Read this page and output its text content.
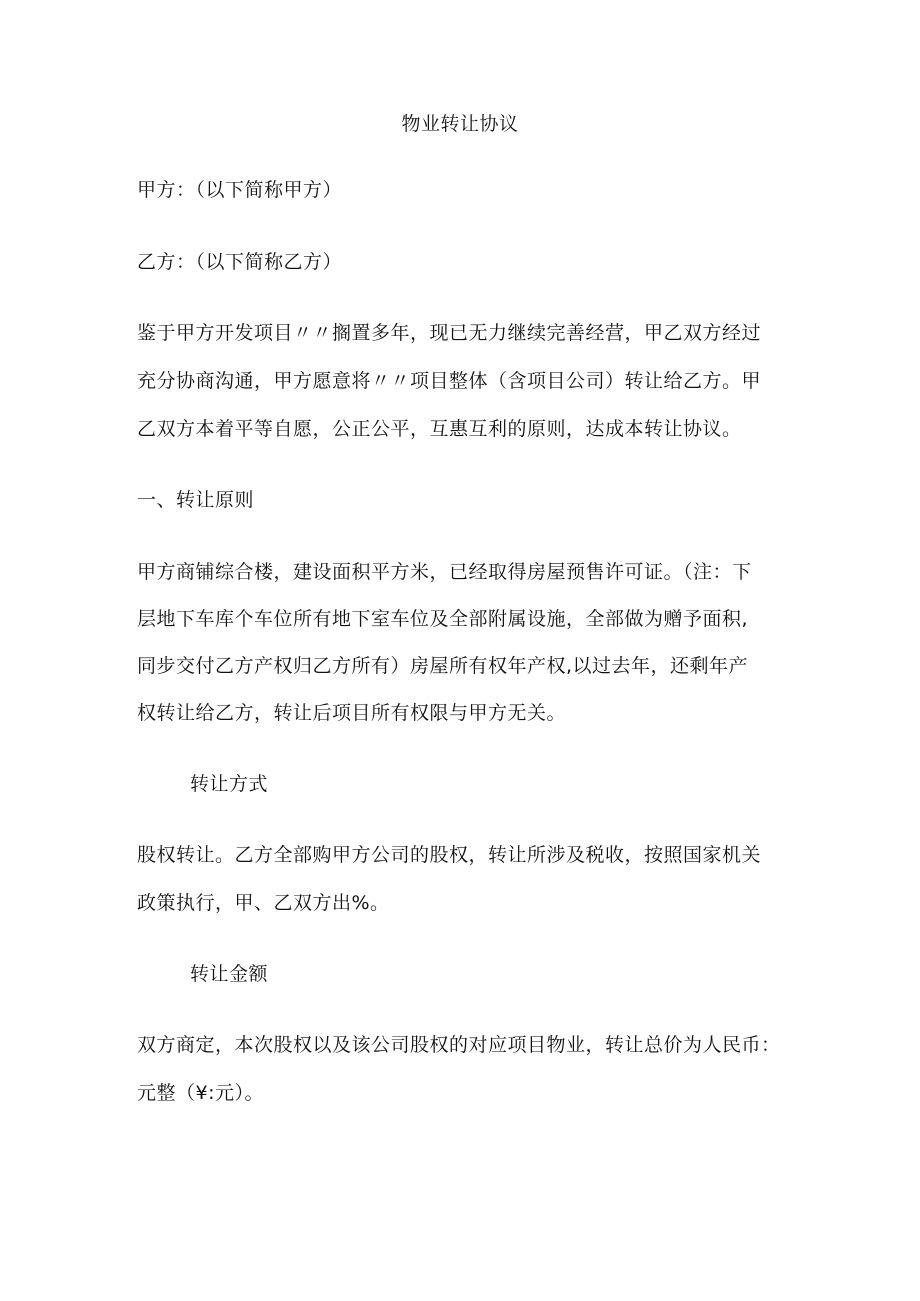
物业转让协议
甲方：（以下简称甲方）
乙方：（以下简称乙方）
鉴于甲方开发项目〃〃搁置多年，现已无力继续完善经营，甲乙双方经过
充分协商沟通，甲方愿意将〃〃项目整体（含项目公司）转让给乙方。甲
乙双方本着平等自愿，公正公平，互惠互利的原则，达成本转让协议。
一、转让原则
甲方商铺综合楼，建设面积平方米，已经取得房屋预售许可证。（注：下
层地下车库个车位所有地下室车位及全部附属设施，全部做为赠予面积,
同步交付乙方产权归乙方所有）房屋所有权年产权,以过去年，还剩年产
权转让给乙方，转让后项目所有权限与甲方无关。
转让方式
股权转让。乙方全部购甲方公司的股权，转让所涉及税收，按照国家机关
政策执行，甲、乙双方出%。
转让金额
双方商定，本次股权以及该公司股权的对应项目物业，转让总价为人民币：
元整（¥:元）。
